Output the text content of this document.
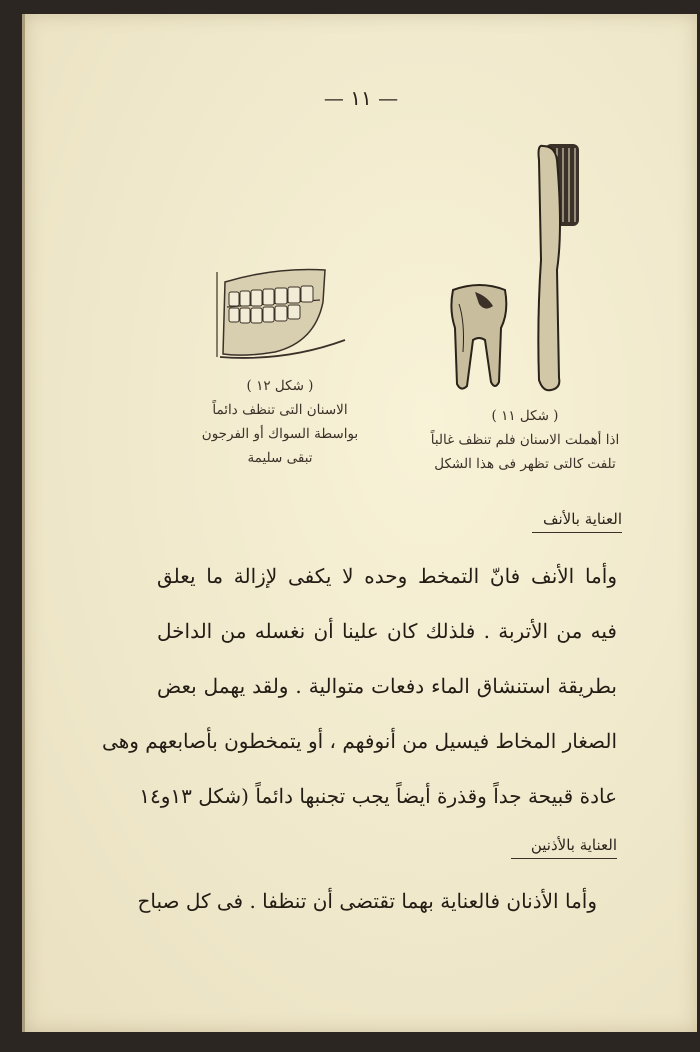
— ١١ —
( شكل ١٢ )
الاسنان التى تنظف دائماً
بواسطة السواك أو الفرجون
تبقى سليمة
( شكل ١١ )
اذا أهملت الاسنان فلم تنظف غالباً
تلفت كالتى تظهر فى هذا الشكل
العناية بالأنف
وأما الأنف فانّ التمخط وحده لا يكفى لإزالة ما يعلق
فيه من الأتربة . فلذلك كان علينا أن نغسله من الداخل
بطريقة استنشاق الماء دفعات متوالية . ولقد يهمل بعض
الصغار المخاط فيسيل من أنوفهم ، أو يتمخطون بأصابعهم وهى
عادة قبيحة جداً وقذرة أيضاً يجب تجنبها دائماً (شكل ١٣و١٤
العناية بالأذنين
وأما الأذنان فالعناية بهما تقتضى أن تنظفا . فى كل صباح
